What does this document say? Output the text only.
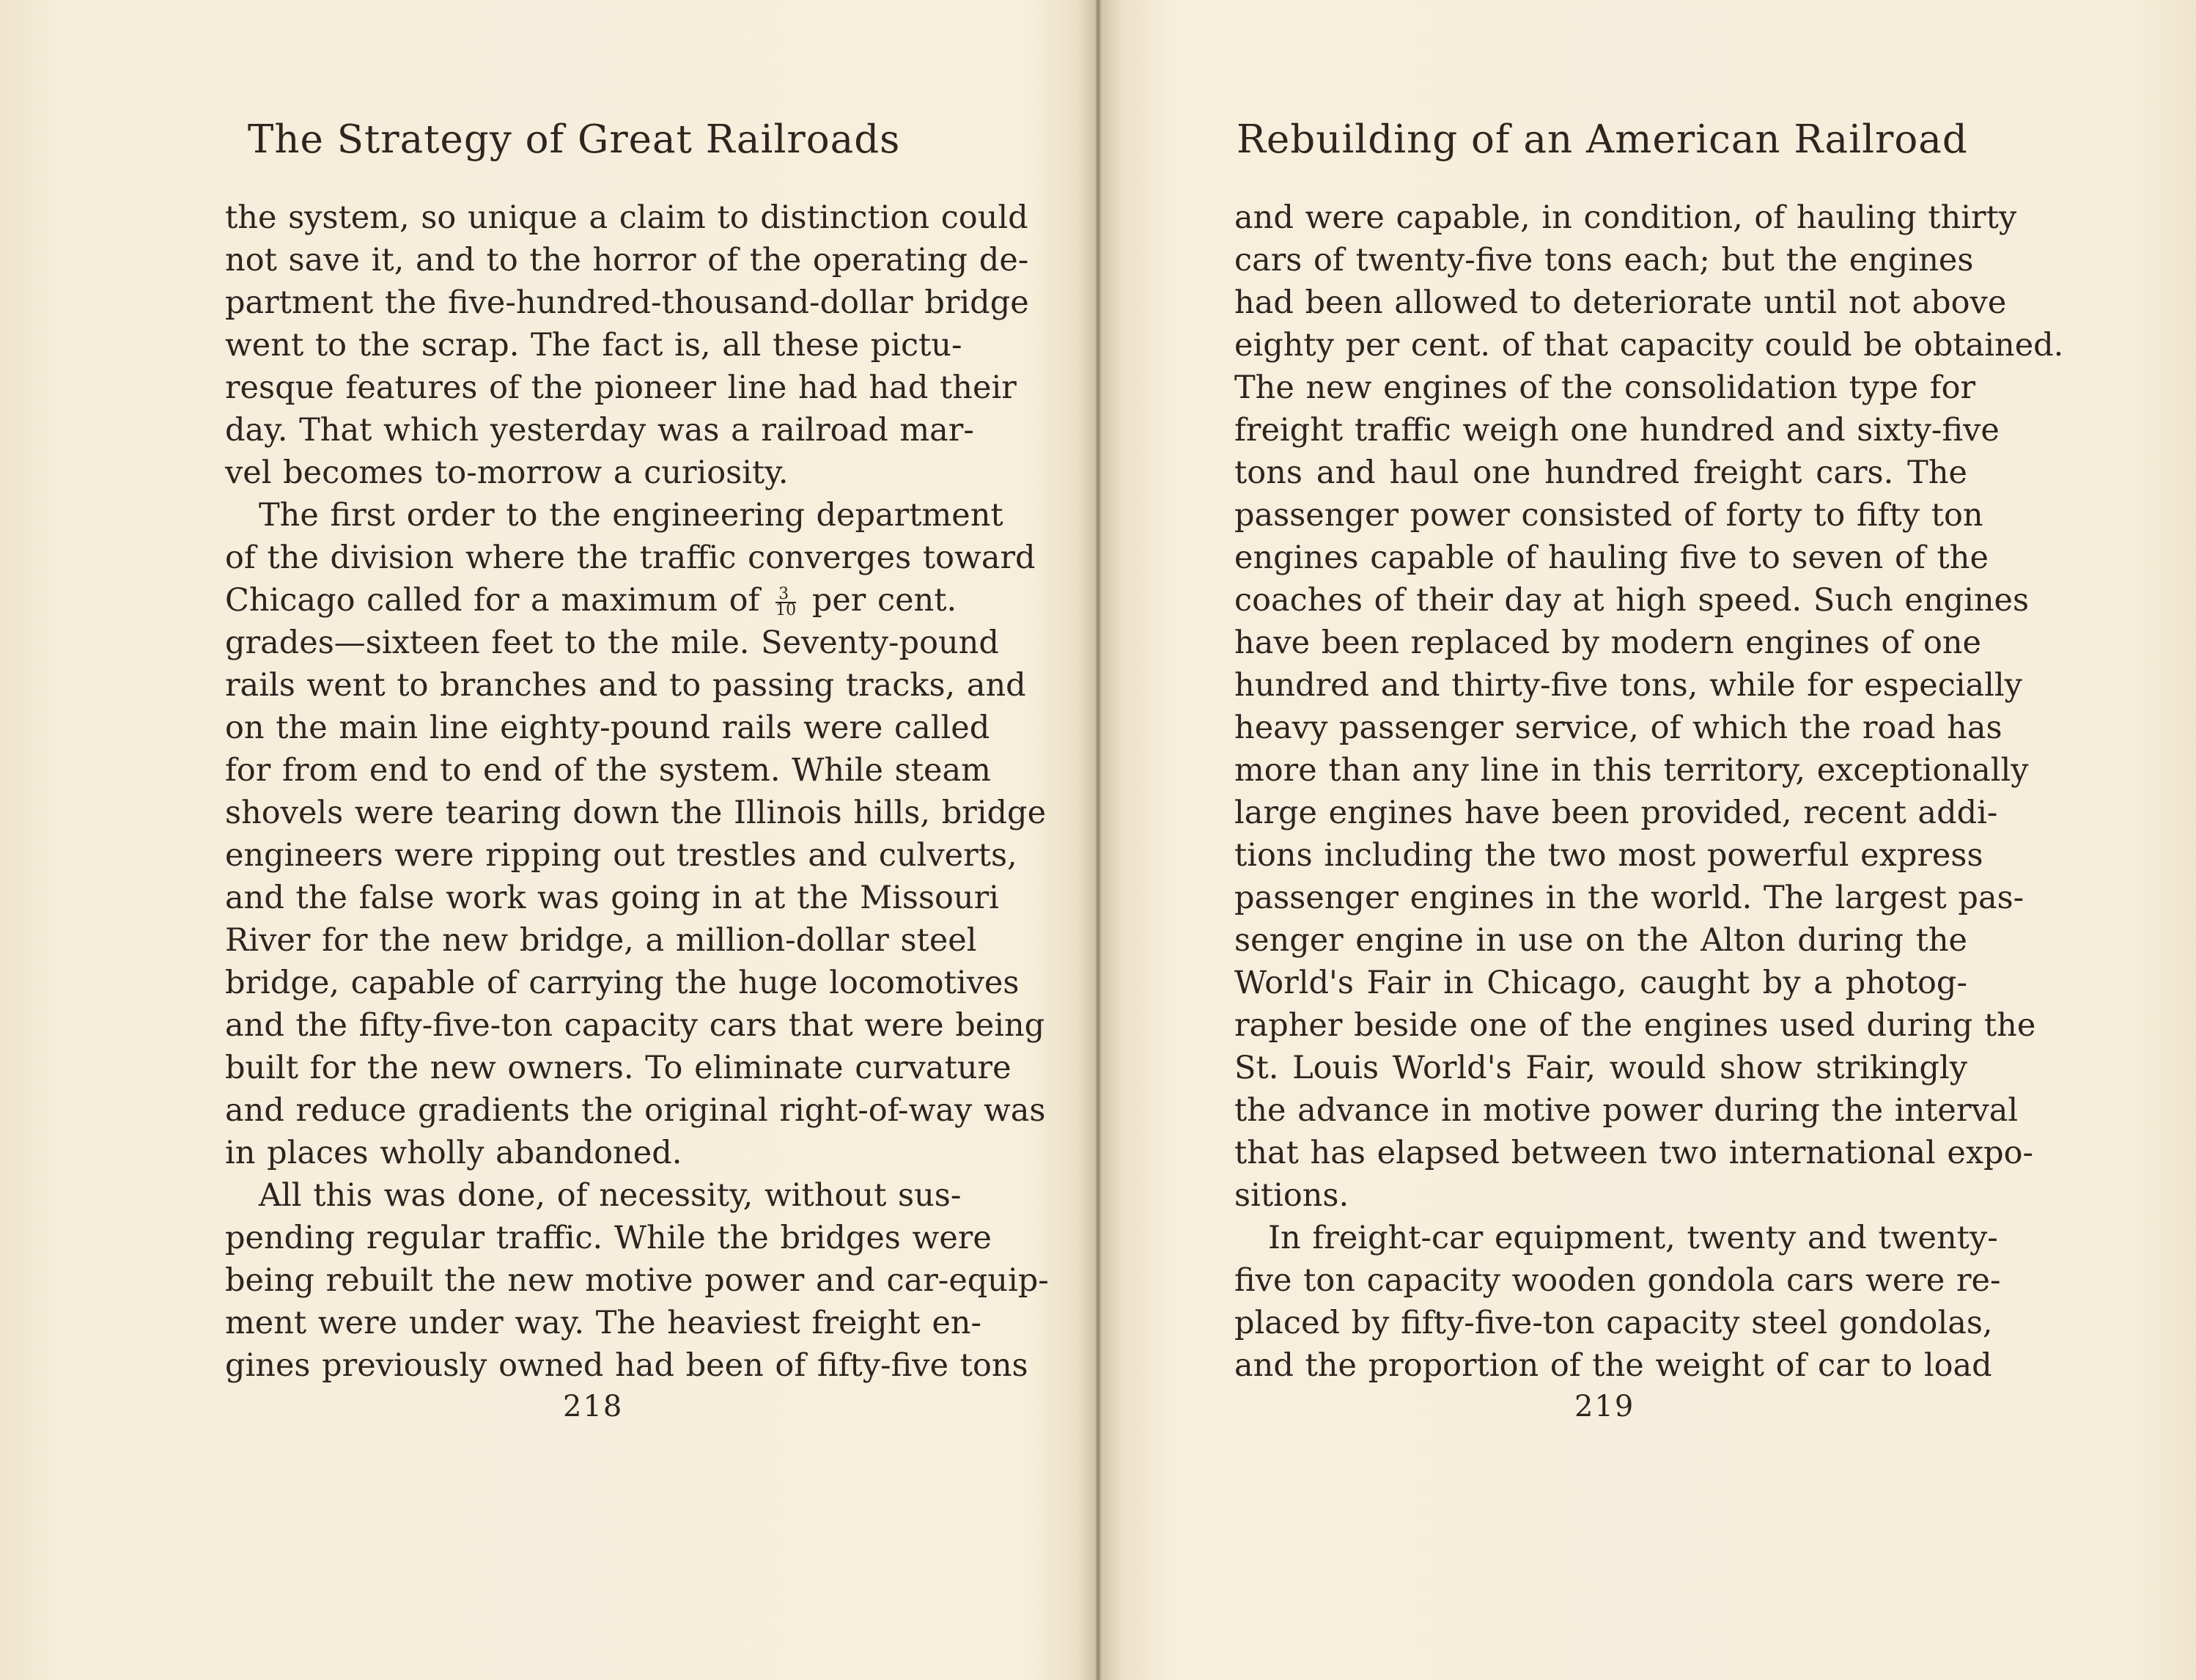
The Strategy of Great Railroads
the system, so unique a claim to distinction could
not save it, and to the horror of the operating de-
partment the five-hundred-thousand-dollar bridge
went to the scrap. The fact is, all these pictu-
resque features of the pioneer line had had their
day. That which yesterday was a railroad mar-
vel becomes to-morrow a curiosity.
The first order to the engineering department
of the division where the traffic converges toward
Chicago called for a maximum of $\frac{3}{10}$ per cent.
grades—sixteen feet to the mile. Seventy-pound
rails went to branches and to passing tracks, and
on the main line eighty-pound rails were called
for from end to end of the system. While steam
shovels were tearing down the Illinois hills, bridge
engineers were ripping out trestles and culverts,
and the false work was going in at the Missouri
River for the new bridge, a million-dollar steel
bridge, capable of carrying the huge locomotives
and the fifty-five-ton capacity cars that were being
built for the new owners. To eliminate curvature
and reduce gradients the original right-of-way was
in places wholly abandoned.
All this was done, of necessity, without sus-
pending regular traffic. While the bridges were
being rebuilt the new motive power and car-equip-
ment were under way. The heaviest freight en-
gines previously owned had been of fifty-five tons
218
Rebuilding of an American Railroad
and were capable, in condition, of hauling thirty
cars of twenty-five tons each; but the engines
had been allowed to deteriorate until not above
eighty per cent. of that capacity could be obtained.
The new engines of the consolidation type for
freight traffic weigh one hundred and sixty-five
tons and haul one hundred freight cars. The
passenger power consisted of forty to fifty ton
engines capable of hauling five to seven of the
coaches of their day at high speed. Such engines
have been replaced by modern engines of one
hundred and thirty-five tons, while for especially
heavy passenger service, of which the road has
more than any line in this territory, exceptionally
large engines have been provided, recent addi-
tions including the two most powerful express
passenger engines in the world. The largest pas-
senger engine in use on the Alton during the
World's Fair in Chicago, caught by a photog-
rapher beside one of the engines used during the
St. Louis World's Fair, would show strikingly
the advance in motive power during the interval
that has elapsed between two international expo-
sitions.
In freight-car equipment, twenty and twenty-
five ton capacity wooden gondola cars were re-
placed by fifty-five-ton capacity steel gondolas,
and the proportion of the weight of car to load
219
